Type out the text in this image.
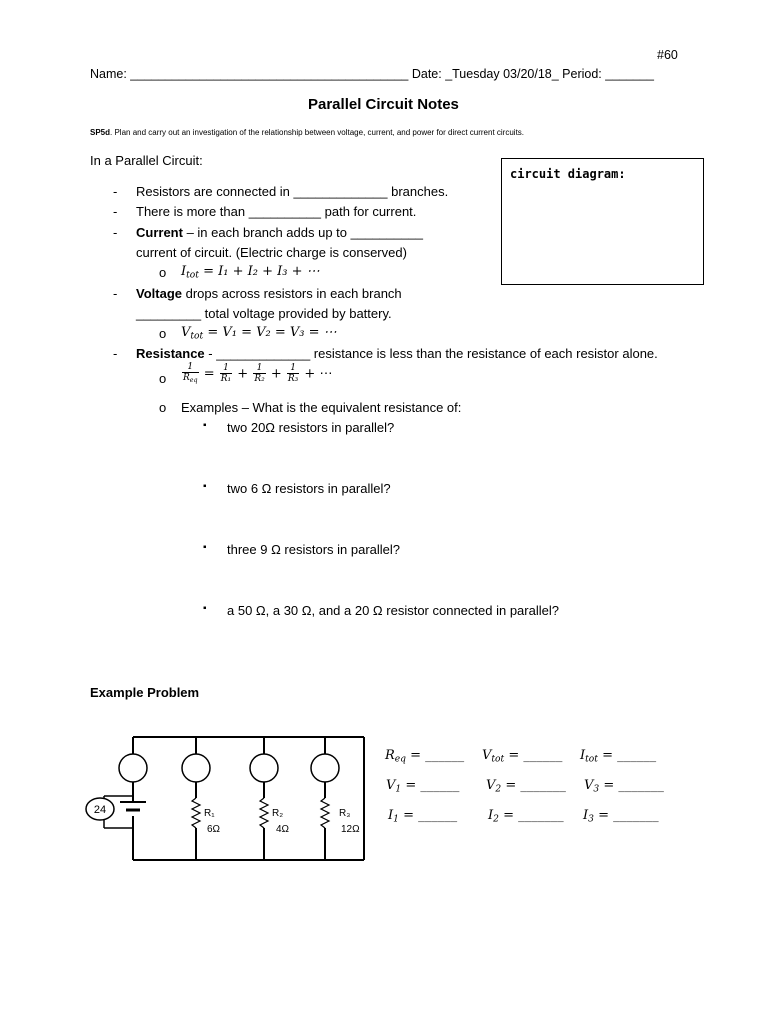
#60
Name: ________________________________________ Date: _Tuesday 03/20/18_ Period: _______
Parallel Circuit Notes
SP5d. Plan and carry out an investigation of the relationship between voltage, current, and power for direct current circuits.
In a Parallel Circuit:
circuit diagram:
- Resistors are connected in _____________ branches.
- There is more than __________ path for current.
- Current – in each branch adds up to __________
current of circuit. (Electric charge is conserved)
o $I_{tot} = I_1 + I_2 + I_3$ + ⋯
- Voltage drops across resistors in each branch
_________ total voltage provided by battery.
o $V_{tot} = V_1 = V_2 = V_3$ = ⋯
- Resistance - _____________ resistance is less than the resistance of each resistor alone.
o $\frac{1}{R_{eq}} = \frac{1}{\text{R₁}} + \frac{1}{\text{R₂}} + \frac{1}{\text{R₃}}$ + ⋯
o Examples – What is the equivalent resistance of:
▪ two 20Ω resistors in parallel?
▪ two 6 Ω resistors in parallel?
▪ three 9 Ω resistors in parallel?
▪ a 50 Ω, a 30 Ω, and a 20 Ω resistor connected in parallel?
Example Problem
24	R₁
6Ω
R₂
4Ω
R₃
12Ω
$R_{eq}$ = ______ $V_{tot}$ = ______ $I_{tot}$ = ______
$V_1$ = ______ $V_2$ = _______ $V_3$ = _______
$I_1$ = ______ $I_2$ = _______ $I_3$ = _______
